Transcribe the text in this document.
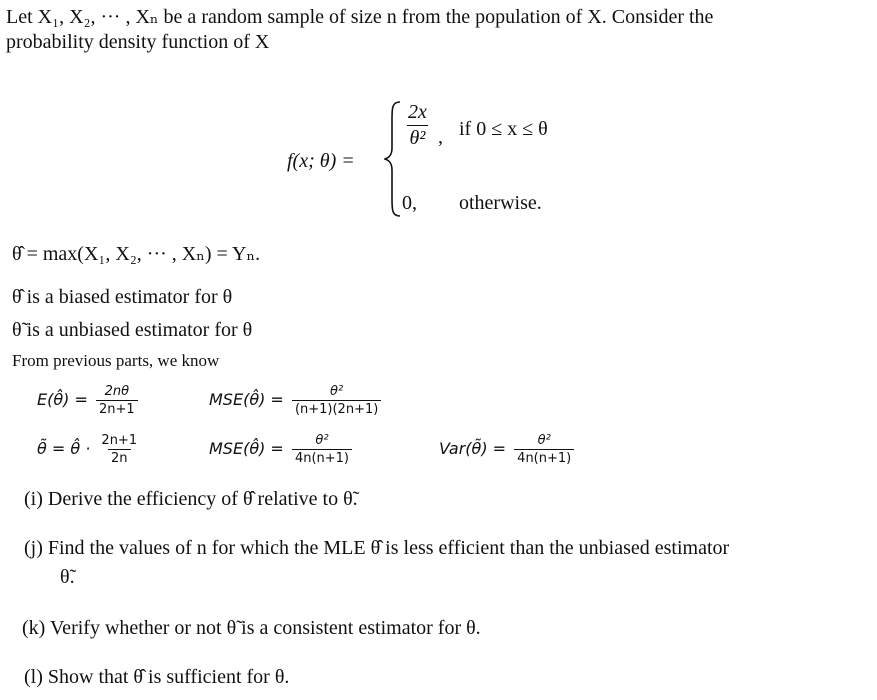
Let X₁, X₂, ··· , Xₙ be a random sample of size n from the population of X. Consider the
probability density function of X
f(x; θ) =
$\frac{2x}{\text{θ²}}$ , if 0 ≤ x ≤ θ
0, otherwise.
θ̂ = max(X₁, X₂, ··· , Xₙ) = Yₙ.
θ̂ is a biased estimator for θ
θ̃ is a unbiased estimator for θ
From previous parts, we know
E(θ̂) = $\frac{2n\theta}{2n+1}$	MSE(θ̂) = $\frac{\text{θ²}}{(n+1)(2n+1)}$
θ̃ = θ̂ · $\frac{2n+1}{2n}$	MSE(θ̂) = $\frac{\text{θ²}}{4n(n+1)}$	Var(θ̃) = $\frac{\text{θ²}}{4n(n+1)}$
(i) Derive the efficiency of θ̂ relative to θ̃.
(j) Find the values of n for which the MLE θ̂ is less efficient than the unbiased estimator
θ̃.
(k) Verify whether or not θ̃ is a consistent estimator for θ.
(l) Show that θ̂ is sufficient for θ.
